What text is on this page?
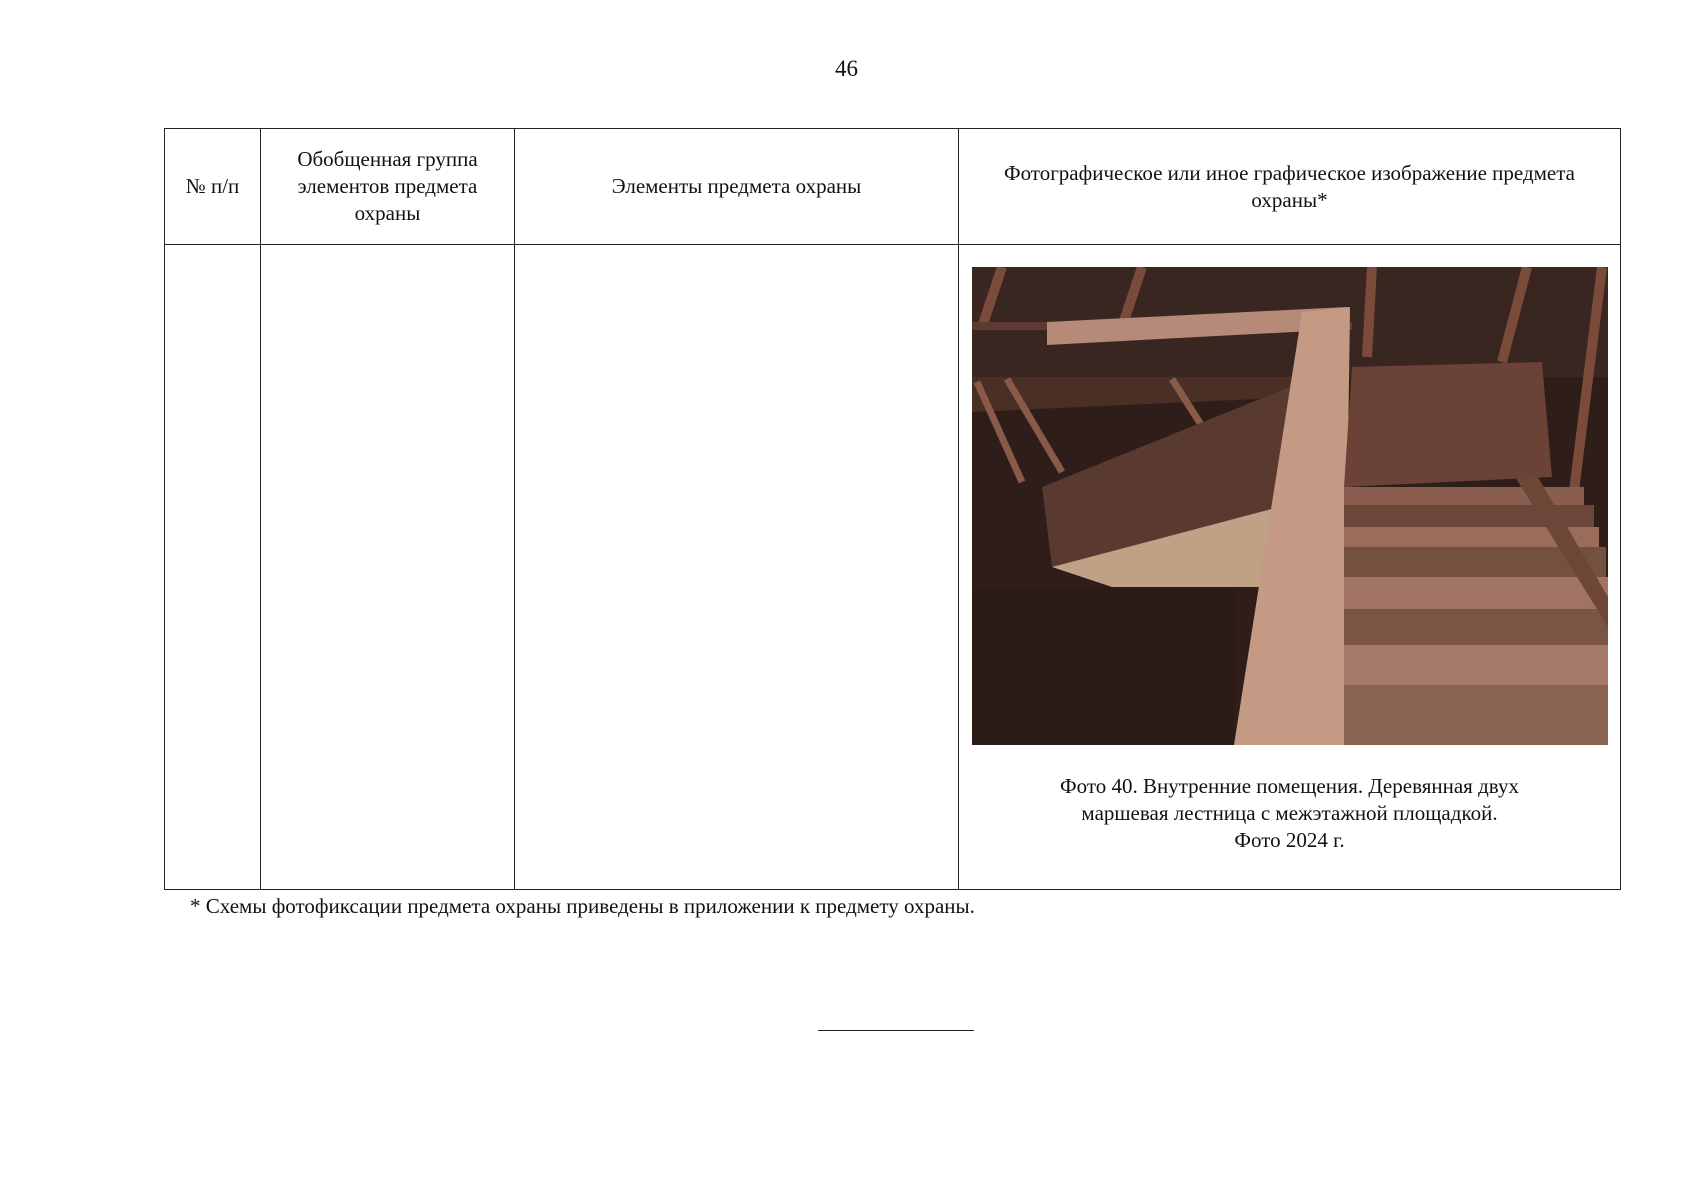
46
№ п/п	Обобщенная группа элементов предмета охраны	Элементы предмета охраны	Фотографическое или иное графическое изображение предмета охраны*

			Фото 40. Внутренние помещения. Деревянная двух
маршевая лестница с межэтажной площадкой.
Фото 2024 г.
* Схемы фотофиксации предмета охраны приведены в приложении к предмету охраны.
